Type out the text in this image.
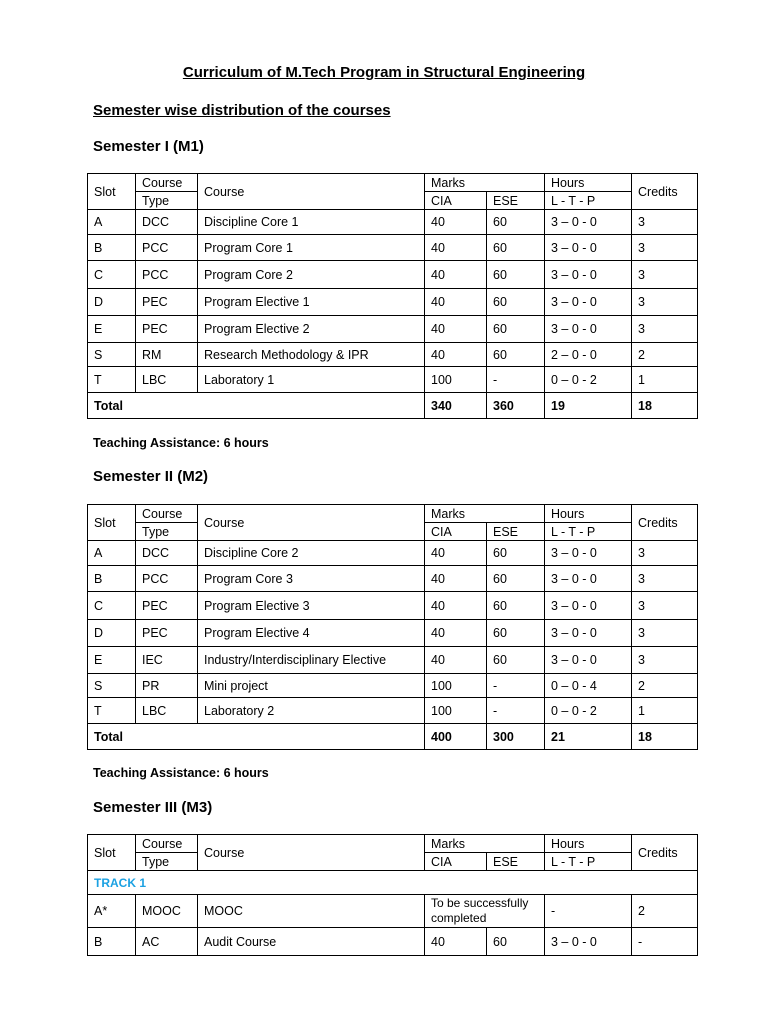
Curriculum of M.Tech Program in Structural Engineering
Semester wise distribution of the courses
Semester I (M1)
Slot	Course	Course	Marks		Hours	Credits
	Type		CIA	ESE	L - T - P	
A	DCC	Discipline Core 1	40	60	3 – 0 - 0	3
B	PCC	Program Core 1	40	60	3 – 0 - 0	3
C	PCC	Program Core 2	40	60	3 – 0 - 0	3
D	PEC	Program Elective 1	40	60	3 – 0 - 0	3
E	PEC	Program Elective 2	40	60	3 – 0 - 0	3
S	RM	Research Methodology & IPR	40	60	2 – 0 - 0	2
T	LBC	Laboratory 1	100	-	0 – 0 - 2	1
Total			340	360	19	18
Teaching Assistance: 6 hours
Semester II (M2)
Slot	Course	Course	Marks		Hours	Credits
	Type		CIA	ESE	L - T - P	
A	DCC	Discipline Core 2	40	60	3 – 0 - 0	3
B	PCC	Program Core 3	40	60	3 – 0 - 0	3
C	PEC	Program Elective 3	40	60	3 – 0 - 0	3
D	PEC	Program Elective 4	40	60	3 – 0 - 0	3
E	IEC	Industry/Interdisciplinary Elective	40	60	3 – 0 - 0	3
S	PR	Mini project	100	-	0 – 0 - 4	2
T	LBC	Laboratory 2	100	-	0 – 0 - 2	1
Total			400	300	21	18
Teaching Assistance: 6 hours
Semester III (M3)
Slot	Course	Course	Marks		Hours	Credits
	Type		CIA	ESE	L - T - P	
TRACK 1						
A*	MOOC	MOOC	To be successfully completed		-	2
B	AC	Audit Course	40	60	3 – 0 - 0	-
